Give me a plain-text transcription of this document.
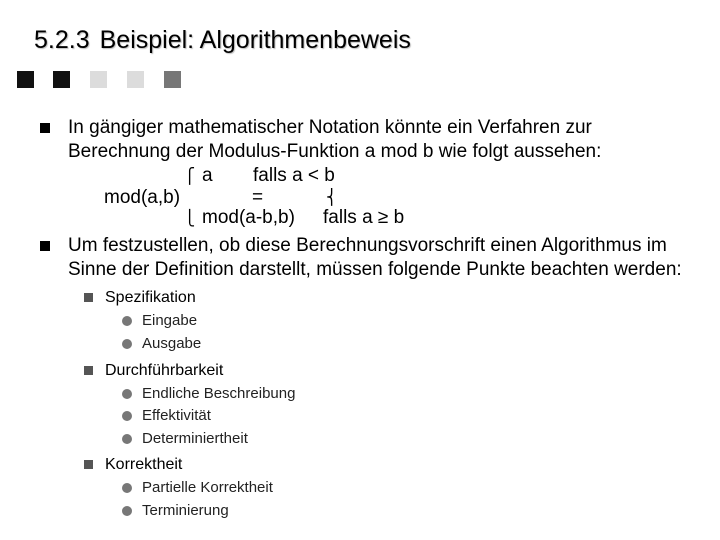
5.2.3 Beispiel: Algorithmenbeweis
In gängiger mathematischer Notation könnte ein Verfahren zur
Berechnung der Modulus-Funktion a mod b wie folgt aussehen:
⎧ a falls a < b
mod(a,b)	=	⎨
⎩ mod(a-b,b) falls a ≥ b
Um festzustellen, ob diese Berechnungsvorschrift einen Algorithmus im
Sinne der Definition darstellt, müssen folgende Punkte beachten werden:
Spezifikation
Eingabe
Ausgabe
Durchführbarkeit
Endliche Beschreibung
Effektivität
Determiniertheit
Korrektheit
Partielle Korrektheit
Terminierung
